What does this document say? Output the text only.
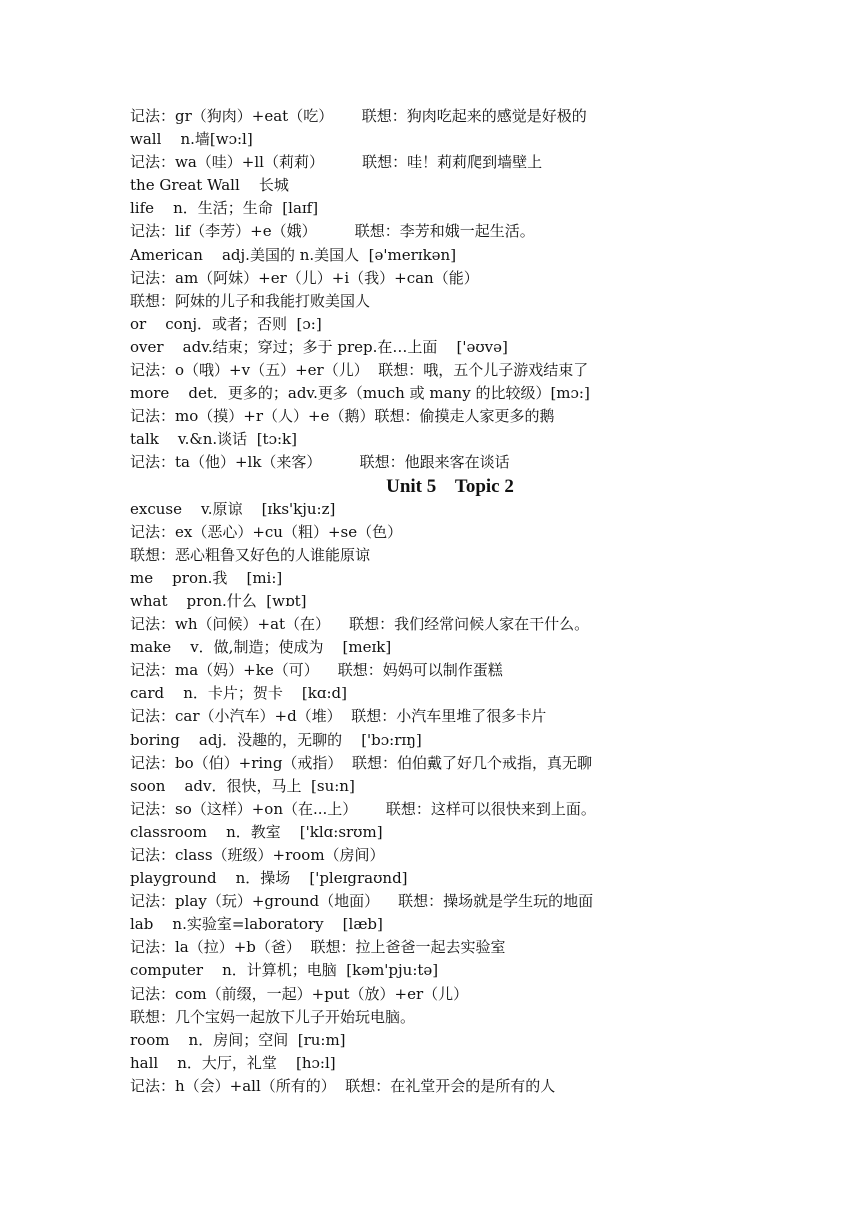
记法：gr（狗肉）+eat（吃）      联想：狗肉吃起来的感觉是好极的
wall    n.墙[wɔ:l]
记法：wa（哇）+ll（莉莉）        联想：哇！莉莉爬到墙壁上
the Great Wall    长城
life    n．生活；生命  [laɪf]
记法：lif（李芳）+e（娥）        联想：李芳和娥一起生活。
American    adj.美国的 n.美国人  [ə'merɪkən]
记法：am（阿妹）+er（儿）+i（我）+can（能）
联想：阿妹的儿子和我能打败美国人
or    conj．或者；否则  [ɔ:]
over    adv.结束；穿过；多于 prep.在…上面    ['əʊvə]
记法：o（哦）+v（五）+er（儿）  联想：哦，五个儿子游戏结束了
more    det．更多的；adv.更多（much 或 many 的比较级）[mɔ:]
记法：mo（摸）+r（人）+e（鹅）联想：偷摸走人家更多的鹅
talk    v.&n.谈话  [tɔ:k]
记法：ta（他）+lk（来客）        联想：他跟来客在谈话
Unit 5    Topic 2
excuse    v.原谅    [ɪks'kju:z]
记法：ex（恶心）+cu（粗）+se（色）
联想：恶心粗鲁又好色的人谁能原谅
me    pron.我    [mi:]
what    pron.什么  [wɒt]
记法：wh（问候）+at（在）    联想：我们经常问候人家在干什么。
make    v．做,制造；使成为    [meɪk]
记法：ma（妈）+ke（可）    联想：妈妈可以制作蛋糕
card    n．卡片；贺卡    [kɑ:d]
记法：car（小汽车）+d（堆）  联想：小汽车里堆了很多卡片
boring    adj．没趣的，无聊的    ['bɔ:rɪŋ]
记法：bo（伯）+ring（戒指）  联想：伯伯戴了好几个戒指，真无聊
soon    adv．很快，马上  [su:n]
记法：so（这样）+on（在...上）      联想：这样可以很快来到上面。
classroom    n．教室    ['klɑ:srʊm]
记法：class（班级）+room（房间）
playground    n．操场    ['pleɪgraʊnd]
记法：play（玩）+ground（地面）    联想：操场就是学生玩的地面
lab    n.实验室=laboratory    [læb]
记法：la（拉）+b（爸）  联想：拉上爸爸一起去实验室
computer    n．计算机；电脑  [kəm'pju:tə]
记法：com（前缀，一起）+put（放）+er（儿）
联想：几个宝妈一起放下儿子开始玩电脑。
room    n．房间；空间  [ru:m]
hall    n．大厅，礼堂    [hɔ:l]
记法：h（会）+all（所有的）  联想：在礼堂开会的是所有的人
